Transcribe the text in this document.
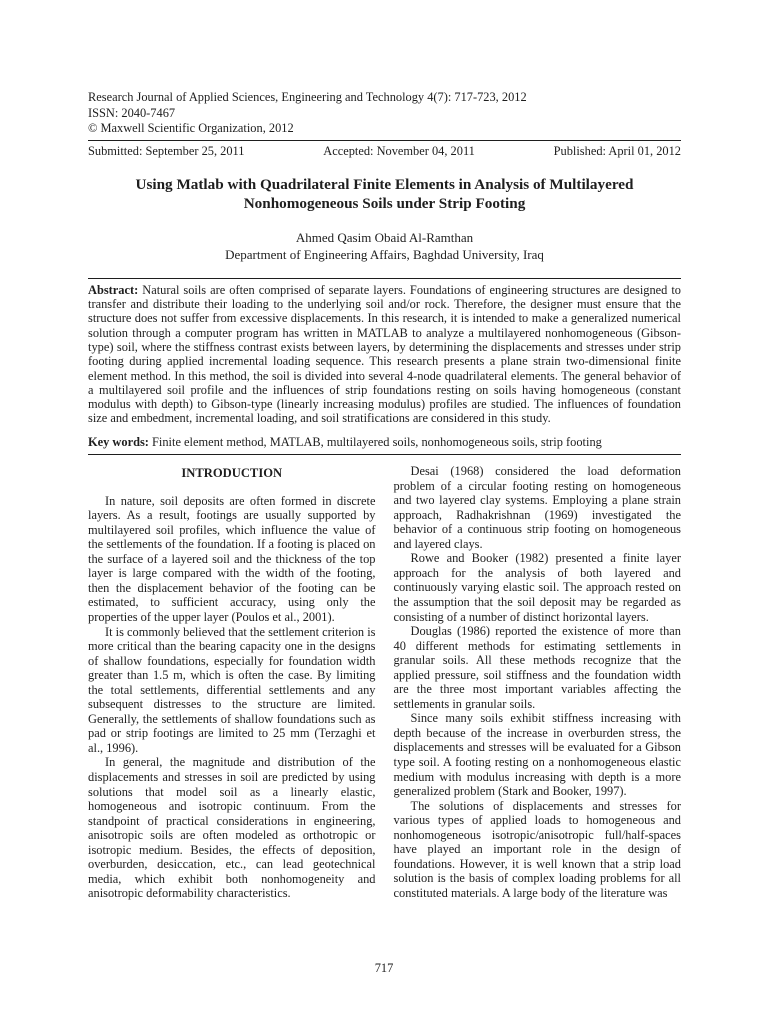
Research Journal of Applied Sciences, Engineering and Technology 4(7): 717-723, 2012
ISSN: 2040-7467
© Maxwell Scientific Organization, 2012
Submitted: September 25, 2011	Accepted: November 04, 2011	Published: April 01, 2012
Using Matlab with Quadrilateral Finite Elements in Analysis of Multilayered Nonhomogeneous Soils under Strip Footing
Ahmed Qasim Obaid Al-Ramthan
Department of Engineering Affairs, Baghdad University, Iraq

Abstract: Natural soils are often comprised of separate layers. Foundations of engineering structures are designed to transfer and distribute their loading to the underlying soil and/or rock. Therefore, the designer must ensure that the structure does not suffer from excessive displacements. In this research, it is intended to make a generalized numerical solution through a computer program has written in MATLAB to analyze a multilayered nonhomogeneous (Gibson-type) soil, where the stiffness contrast exists between layers, by determining the displacements and stresses under strip footing during applied incremental loading sequence. This research presents a plane strain two-dimensional finite element method. In this method, the soil is divided into several 4-node quadrilateral elements. The general behavior of a multilayered soil profile and the influences of strip foundations resting on soils having homogeneous (constant modulus with depth) to Gibson-type (linearly increasing modulus) profiles are studied. The influences of foundation size and embedment, incremental loading, and soil stratifications are considered in this study.

Key words: Finite element method, MATLAB, multilayered soils, nonhomogeneous soils, strip footing

INTRODUCTION

In nature, soil deposits are often formed in discrete layers. As a result, footings are usually supported by multilayered soil profiles, which influence the value of the settlements of the foundation. If a footing is placed on the surface of a layered soil and the thickness of the top layer is large compared with the width of the footing, then the displacement behavior of the footing can be estimated, to sufficient accuracy, using only the properties of the upper layer (Poulos et al., 2001).

It is commonly believed that the settlement criterion is more critical than the bearing capacity one in the designs of shallow foundations, especially for foundation width greater than 1.5 m, which is often the case. By limiting the total settlements, differential settlements and any subsequent distresses to the structure are limited. Generally, the settlements of shallow foundations such as pad or strip footings are limited to 25 mm (Terzaghi et al., 1996).

In general, the magnitude and distribution of the displacements and stresses in soil are predicted by using solutions that model soil as a linearly elastic, homogeneous and isotropic continuum. From the standpoint of practical considerations in engineering, anisotropic soils are often modeled as orthotropic or isotropic medium. Besides, the effects of deposition, overburden, desiccation, etc., can lead geotechnical media, which exhibit both nonhomogeneity and anisotropic deformability characteristics.

Desai (1968) considered the load deformation problem of a circular footing resting on homogeneous and two layered clay systems. Employing a plane strain approach, Radhakrishnan (1969) investigated the behavior of a continuous strip footing on homogeneous and layered clays.

Rowe and Booker (1982) presented a finite layer approach for the analysis of both layered and continuously varying elastic soil. The approach rested on the assumption that the soil deposit may be regarded as consisting of a number of distinct horizontal layers.

Douglas (1986) reported the existence of more than 40 different methods for estimating settlements in granular soils. All these methods recognize that the applied pressure, soil stiffness and the foundation width are the three most important variables affecting the settlements in granular soils.

Since many soils exhibit stiffness increasing with depth because of the increase in overburden stress, the displacements and stresses will be evaluated for a Gibson type soil. A footing resting on a nonhomogeneous elastic medium with modulus increasing with depth is a more generalized problem (Stark and Booker, 1997).

The solutions of displacements and stresses for various types of applied loads to homogeneous and nonhomogeneous isotropic/anisotropic full/half-spaces have played an important role in the design of foundations. However, it is well known that a strip load solution is the basis of complex loading problems for all constituted materials. A large body of the literature was

717
